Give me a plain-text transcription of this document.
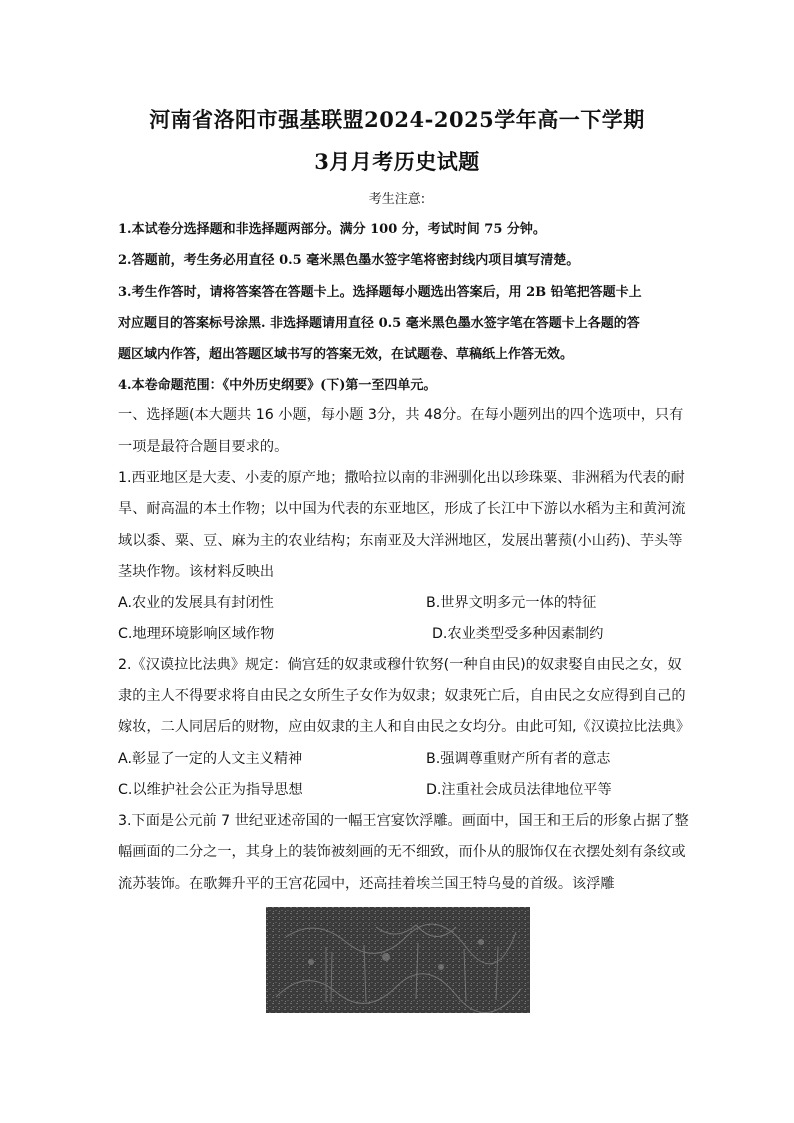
河南省洛阳市强基联盟2024-2025学年高一下学期
3月月考历史试题
考生注意:
1.本试卷分选择题和非选择题两部分。满分 100 分，考试时间 75 分钟。
2.答题前，考生务必用直径 0.5 毫米黑色墨水签字笔将密封线内项目填写清楚。
3.考生作答时，请将答案答在答题卡上。选择题每小题选出答案后，用 2B 铅笔把答题卡上
对应题目的答案标号涂黑. 非选择题请用直径 0.5 毫米黑色墨水签字笔在答题卡上各题的答
题区域内作答，超出答题区域书写的答案无效，在试题卷、草稿纸上作答无效。
4.本卷命题范围：《中外历史纲要》(下)第一至四单元。
一、选择题(本大题共 16 小题，每小题 3分，共 48分。在每小题列出的四个选项中，只有
一项是最符合题目要求的。
1.西亚地区是大麦、小麦的原产地；撒哈拉以南的非洲驯化出以珍珠粟、非洲稻为代表的耐
旱、耐高温的本土作物；以中国为代表的东亚地区，形成了长江中下游以水稻为主和黄河流
域以黍、粟、豆、麻为主的农业结构；东南亚及大洋洲地区，发展出薯蓣(小山药)、芋头等
茎块作物。该材料反映出
A.农业的发展具有封闭性	B.世界文明多元一体的特征
C.地理环境影响区域作物	D.农业类型受多种因素制约
2.《汉谟拉比法典》规定：倘宫廷的奴隶或穆什钦努(一种自由民)的奴隶娶自由民之女，奴
隶的主人不得要求将自由民之女所生子女作为奴隶；奴隶死亡后，自由民之女应得到自己的
嫁妆，二人同居后的财物，应由奴隶的主人和自由民之女均分。由此可知,《汉谟拉比法典》
A.彰显了一定的人文主义精神	B.强调尊重财产所有者的意志
C.以维护社会公正为指导思想	D.注重社会成员法律地位平等
3.下面是公元前 7 世纪亚述帝国的一幅王宫宴饮浮雕。画面中，国王和王后的形象占据了整
幅画面的二分之一，其身上的装饰被刻画的无不细致，而仆从的服饰仅在衣摆处刻有条纹或
流苏装饰。在歌舞升平的王宫花园中，还高挂着埃兰国王特乌曼的首级。该浮雕
